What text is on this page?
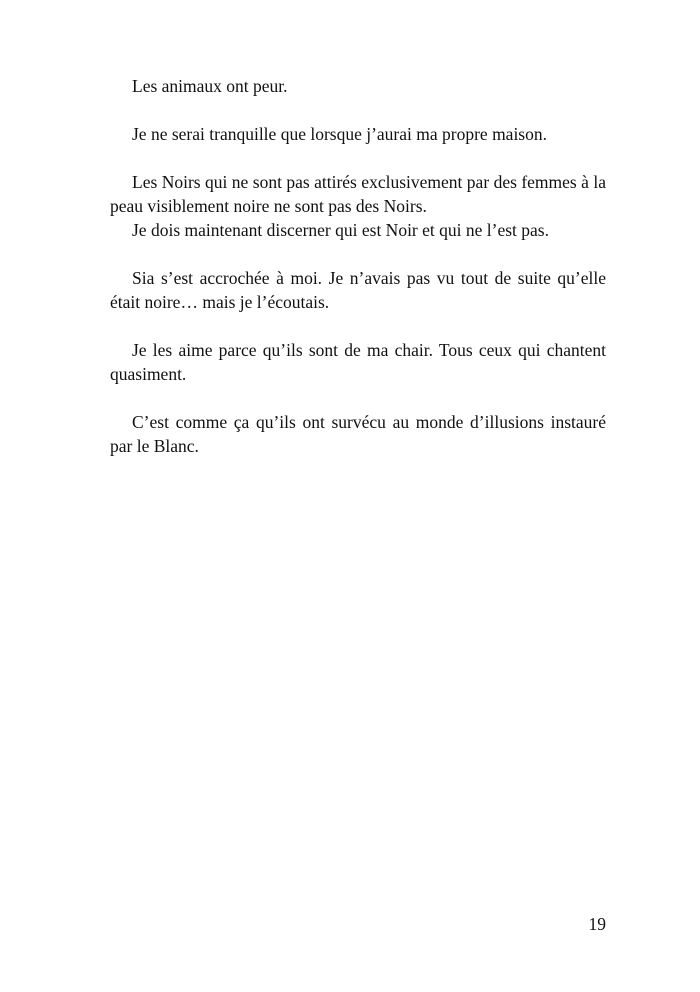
Les animaux ont peur.

Je ne serai tranquille que lorsque j’aurai ma propre maison.

Les Noirs qui ne sont pas attirés exclusivement par des femmes à la peau visiblement noire ne sont pas des Noirs.

Je dois maintenant discerner qui est Noir et qui ne l’est pas.

Sia s’est accrochée à moi. Je n’avais pas vu tout de suite qu’elle était noire… mais je l’écoutais.

Je les aime parce qu’ils sont de ma chair. Tous ceux qui chantent quasiment.

C’est comme ça qu’ils ont survécu au monde d’illusions instauré par le Blanc.

19
